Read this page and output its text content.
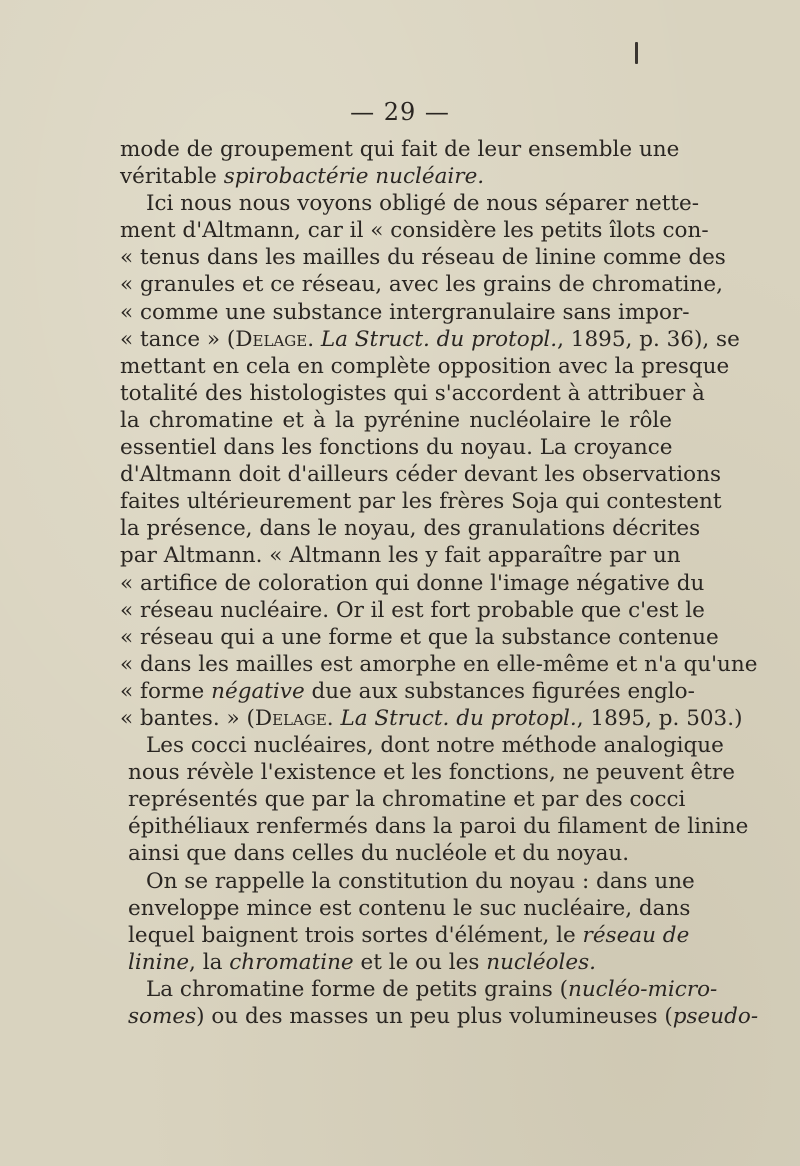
— 29 —
mode de groupement qui fait de leur ensemble une
véritable spirobactérie nucléaire.
Ici nous nous voyons obligé de nous séparer nette-
ment d'Altmann, car il « considère les petits îlots con-
« tenus dans les mailles du réseau de linine comme des
« granules et ce réseau, avec les grains de chromatine,
« comme une substance intergranulaire sans impor-
« tance » (Delage. La Struct. du protopl., 1895, p. 36), se
mettant en cela en complète opposition avec la presque
totalité des histologistes qui s'accordent à attribuer à
la chromatine et à la pyrénine nucléolaire le rôle
essentiel dans les fonctions du noyau. La croyance
d'Altmann doit d'ailleurs céder devant les observations
faites ultérieurement par les frères Soja qui contestent
la présence, dans le noyau, des granulations décrites
par Altmann. « Altmann les y fait apparaître par un
« artifice de coloration qui donne l'image négative du
« réseau nucléaire. Or il est fort probable que c'est le
« réseau qui a une forme et que la substance contenue
« dans les mailles est amorphe en elle-même et n'a qu'une
« forme négative due aux substances figurées englo-
« bantes. » (Delage. La Struct. du protopl., 1895, p. 503.)
Les cocci nucléaires, dont notre méthode analogique
nous révèle l'existence et les fonctions, ne peuvent être
représentés que par la chromatine et par des cocci
épithéliaux renfermés dans la paroi du filament de linine
ainsi que dans celles du nucléole et du noyau.
On se rappelle la constitution du noyau : dans une
enveloppe mince est contenu le suc nucléaire, dans
lequel baignent trois sortes d'élément, le réseau de
linine, la chromatine et le ou les nucléoles.
La chromatine forme de petits grains (nucléo-micro-
somes) ou des masses un peu plus volumineuses (pseudo-
